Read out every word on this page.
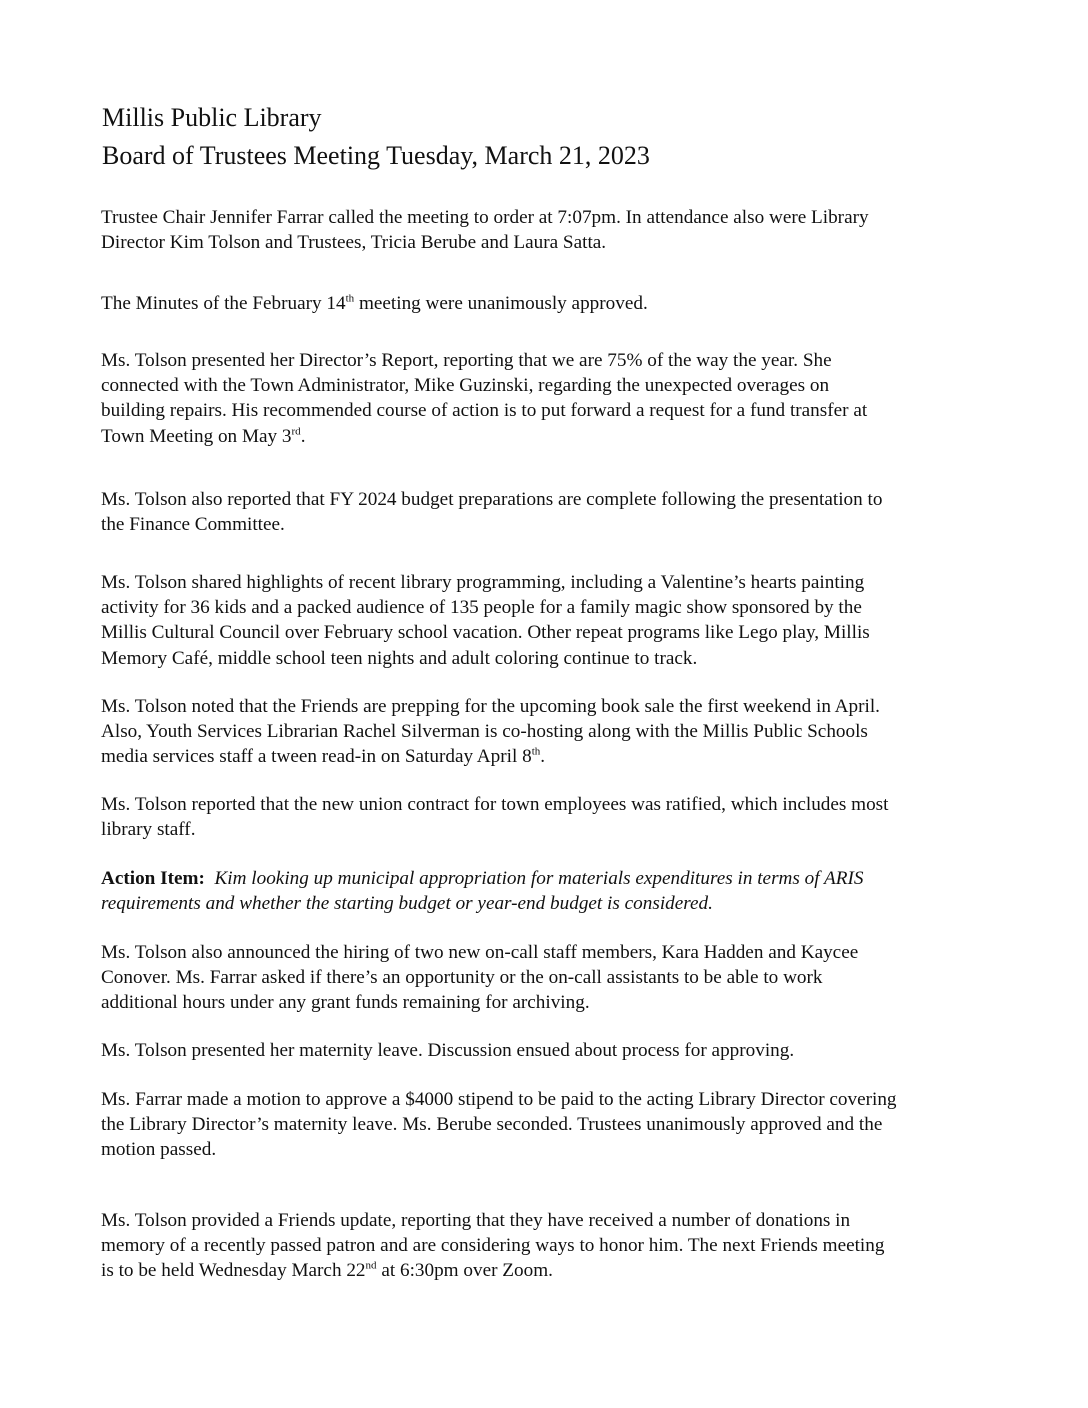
Millis Public Library
Board of Trustees Meeting Tuesday, March 21, 2023
Trustee Chair Jennifer Farrar called the meeting to order at 7:07pm. In attendance also were Library
Director Kim Tolson and Trustees, Tricia Berube and Laura Satta.
The Minutes of the February 14th meeting were unanimously approved.
Ms. Tolson presented her Director’s Report, reporting that we are 75% of the way the year. She
connected with the Town Administrator, Mike Guzinski, regarding the unexpected overages on
building repairs. His recommended course of action is to put forward a request for a fund transfer at
Town Meeting on May 3rd.
Ms. Tolson also reported that FY 2024 budget preparations are complete following the presentation to
the Finance Committee.
Ms. Tolson shared highlights of recent library programming, including a Valentine’s hearts painting
activity for 36 kids and a packed audience of 135 people for a family magic show sponsored by the
Millis Cultural Council over February school vacation. Other repeat programs like Lego play, Millis
Memory Café, middle school teen nights and adult coloring continue to track.
Ms. Tolson noted that the Friends are prepping for the upcoming book sale the first weekend in April.
Also, Youth Services Librarian Rachel Silverman is co-hosting along with the Millis Public Schools
media services staff a tween read-in on Saturday April 8th.
Ms. Tolson reported that the new union contract for town employees was ratified, which includes most
library staff.
Action Item: Kim looking up municipal appropriation for materials expenditures in terms of ARIS
requirements and whether the starting budget or year-end budget is considered.
Ms. Tolson also announced the hiring of two new on-call staff members, Kara Hadden and Kaycee
Conover. Ms. Farrar asked if there’s an opportunity or the on-call assistants to be able to work
additional hours under any grant funds remaining for archiving.
Ms. Tolson presented her maternity leave. Discussion ensued about process for approving.
Ms. Farrar made a motion to approve a $4000 stipend to be paid to the acting Library Director covering
the Library Director’s maternity leave. Ms. Berube seconded. Trustees unanimously approved and the
motion passed.
Ms. Tolson provided a Friends update, reporting that they have received a number of donations in
memory of a recently passed patron and are considering ways to honor him. The next Friends meeting
is to be held Wednesday March 22nd at 6:30pm over Zoom.
